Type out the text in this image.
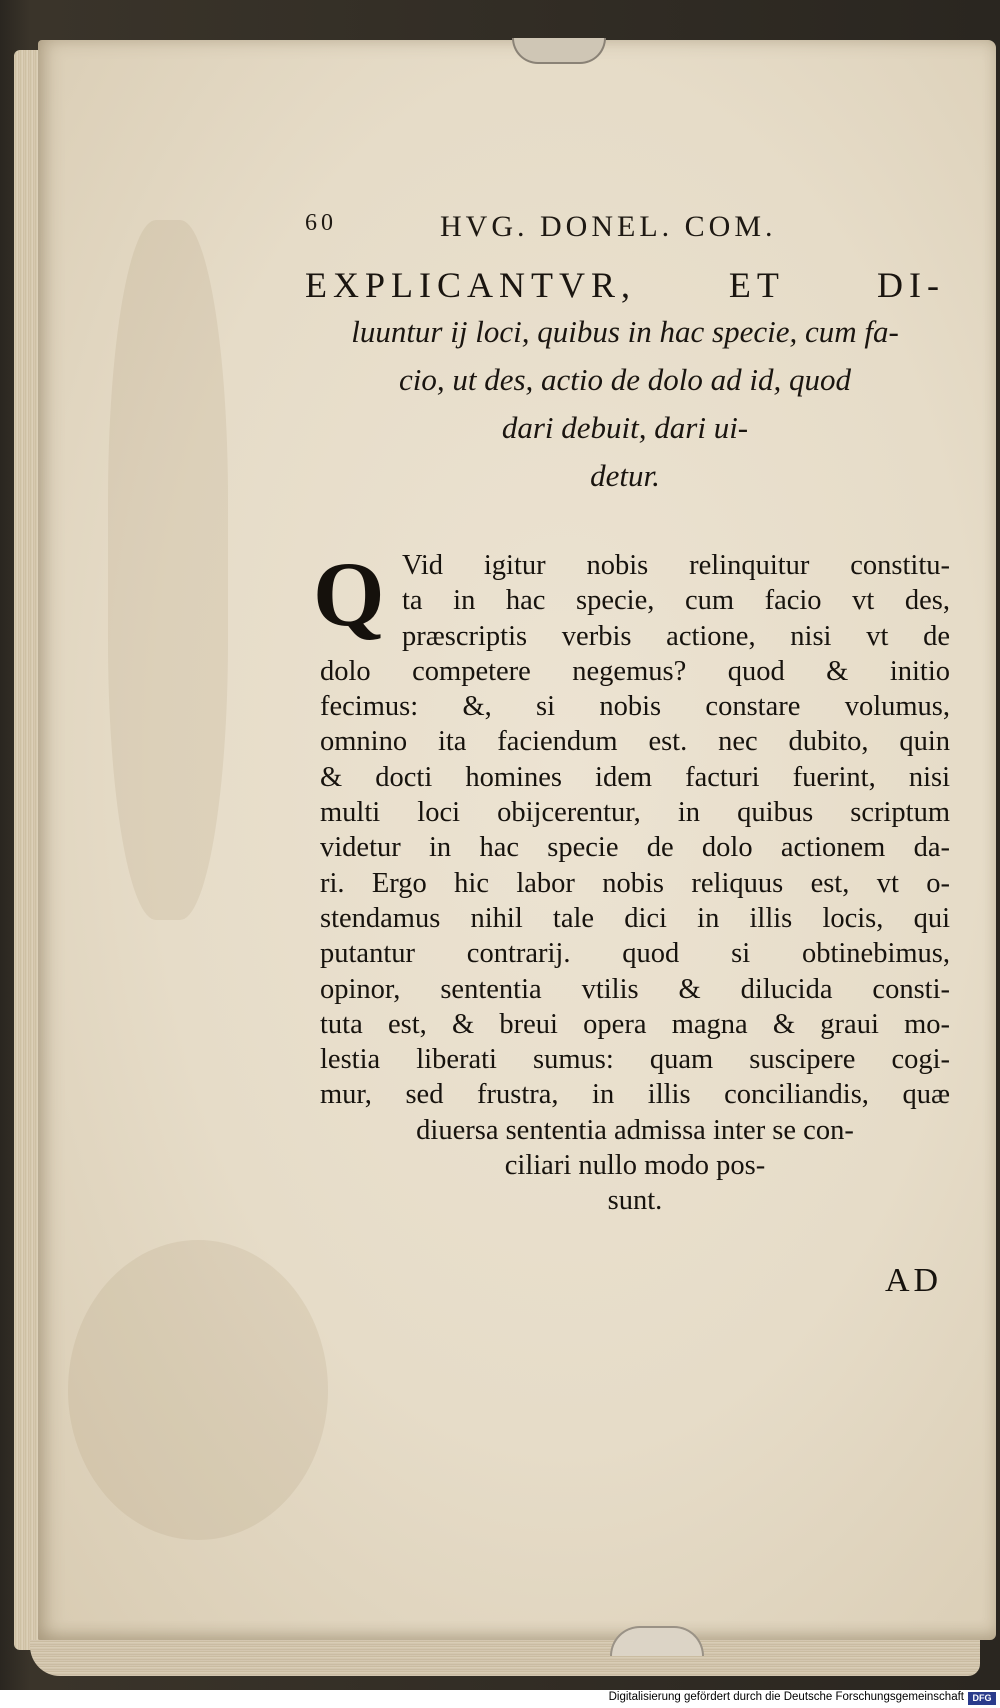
60	HVG. DONEL. COM.
EXPLICANTVR, ET DI-
luuntur ij loci, quibus in hac specie, cum fa-
cio, ut des, actio de dolo ad id, quod
dari debuit, dari ui-
detur.
Q Vid igitur nobis relinquitur constitu-
ta in hac specie, cum facio vt des,
præscriptis verbis actione, nisi vt de
dolo competere negemus? quod & initio
fecimus: &, si nobis constare volumus,
omnino ita faciendum est. nec dubito, quin
& docti homines idem facturi fuerint, nisi
multi loci obijcerentur, in quibus scriptum
videtur in hac specie de dolo actionem da-
ri. Ergo hic labor nobis reliquus est, vt o-
stendamus nihil tale dici in illis locis, qui
putantur contrarij. quod si obtinebimus,
opinor, sententia vtilis & dilucida consti-
tuta est, & breui opera magna & graui mo-
lestia liberati sumus: quam suscipere cogi-
mur, sed frustra, in illis conciliandis, quæ
diuersa sententia admissa inter se con-
ciliari nullo modo pos-
sunt.
AD
Digitalisierung gefördert durch die Deutsche Forschungsgemeinschaft DFG
